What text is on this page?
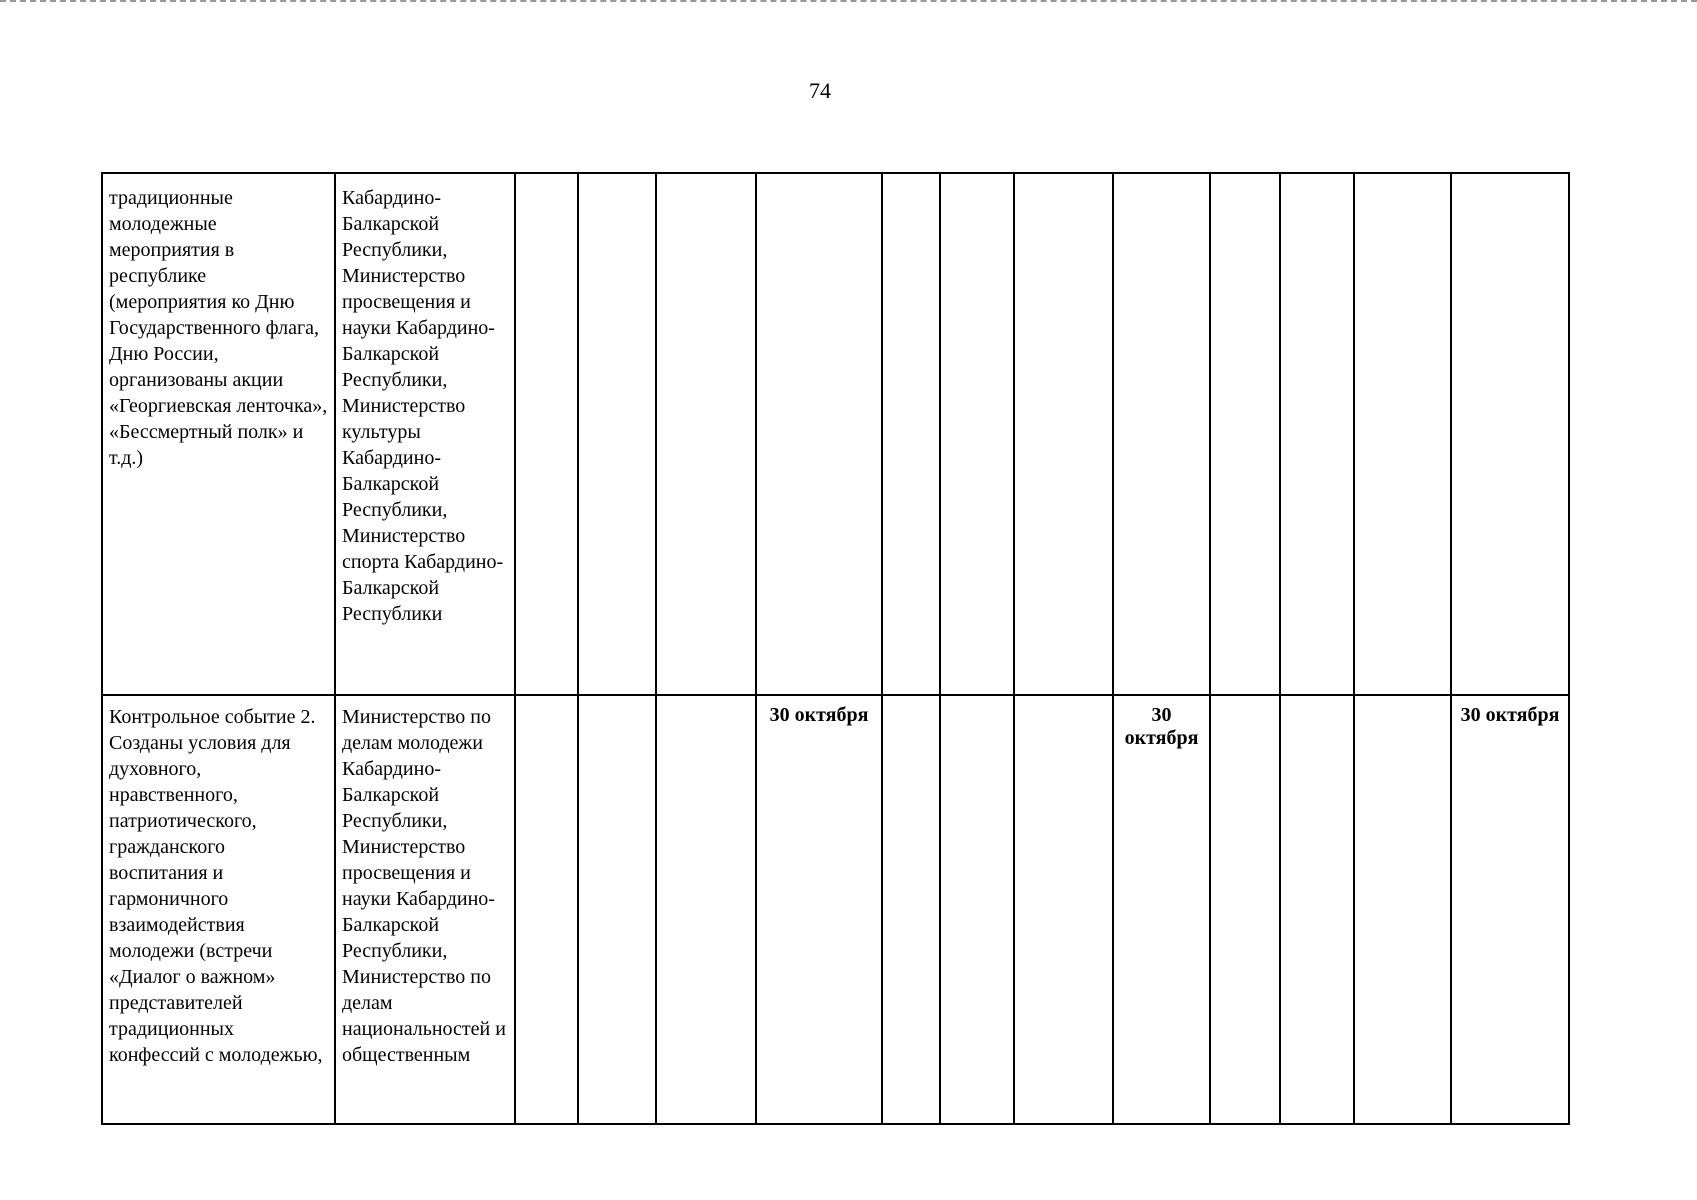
74
традиционные молодежные мероприятия в республике (мероприятия ко Дню Государственного флага, Дню России, организованы акции «Георгиевская ленточка», «Бессмертный полк» и т.д.)	Кабардино-Балкарской Республики, Министерство просвещения и науки Кабардино-Балкарской Республики, Министерство культуры Кабардино-Балкарской Республики, Министерство спорта Кабардино-Балкарской Республики												
Контрольное событие 2. Созданы условия для духовного, нравственного, патриотического, гражданского воспитания и гармоничного взаимодействия молодежи (встречи «Диалог о важном» представителей традиционных конфессий с молодежью,	Министерство по делам молодежи Кабардино-Балкарской Республики, Министерство просвещения и науки Кабардино-Балкарской Республики, Министерство по делам национальностей и общественным				30 октября				30 октября				30 октября
